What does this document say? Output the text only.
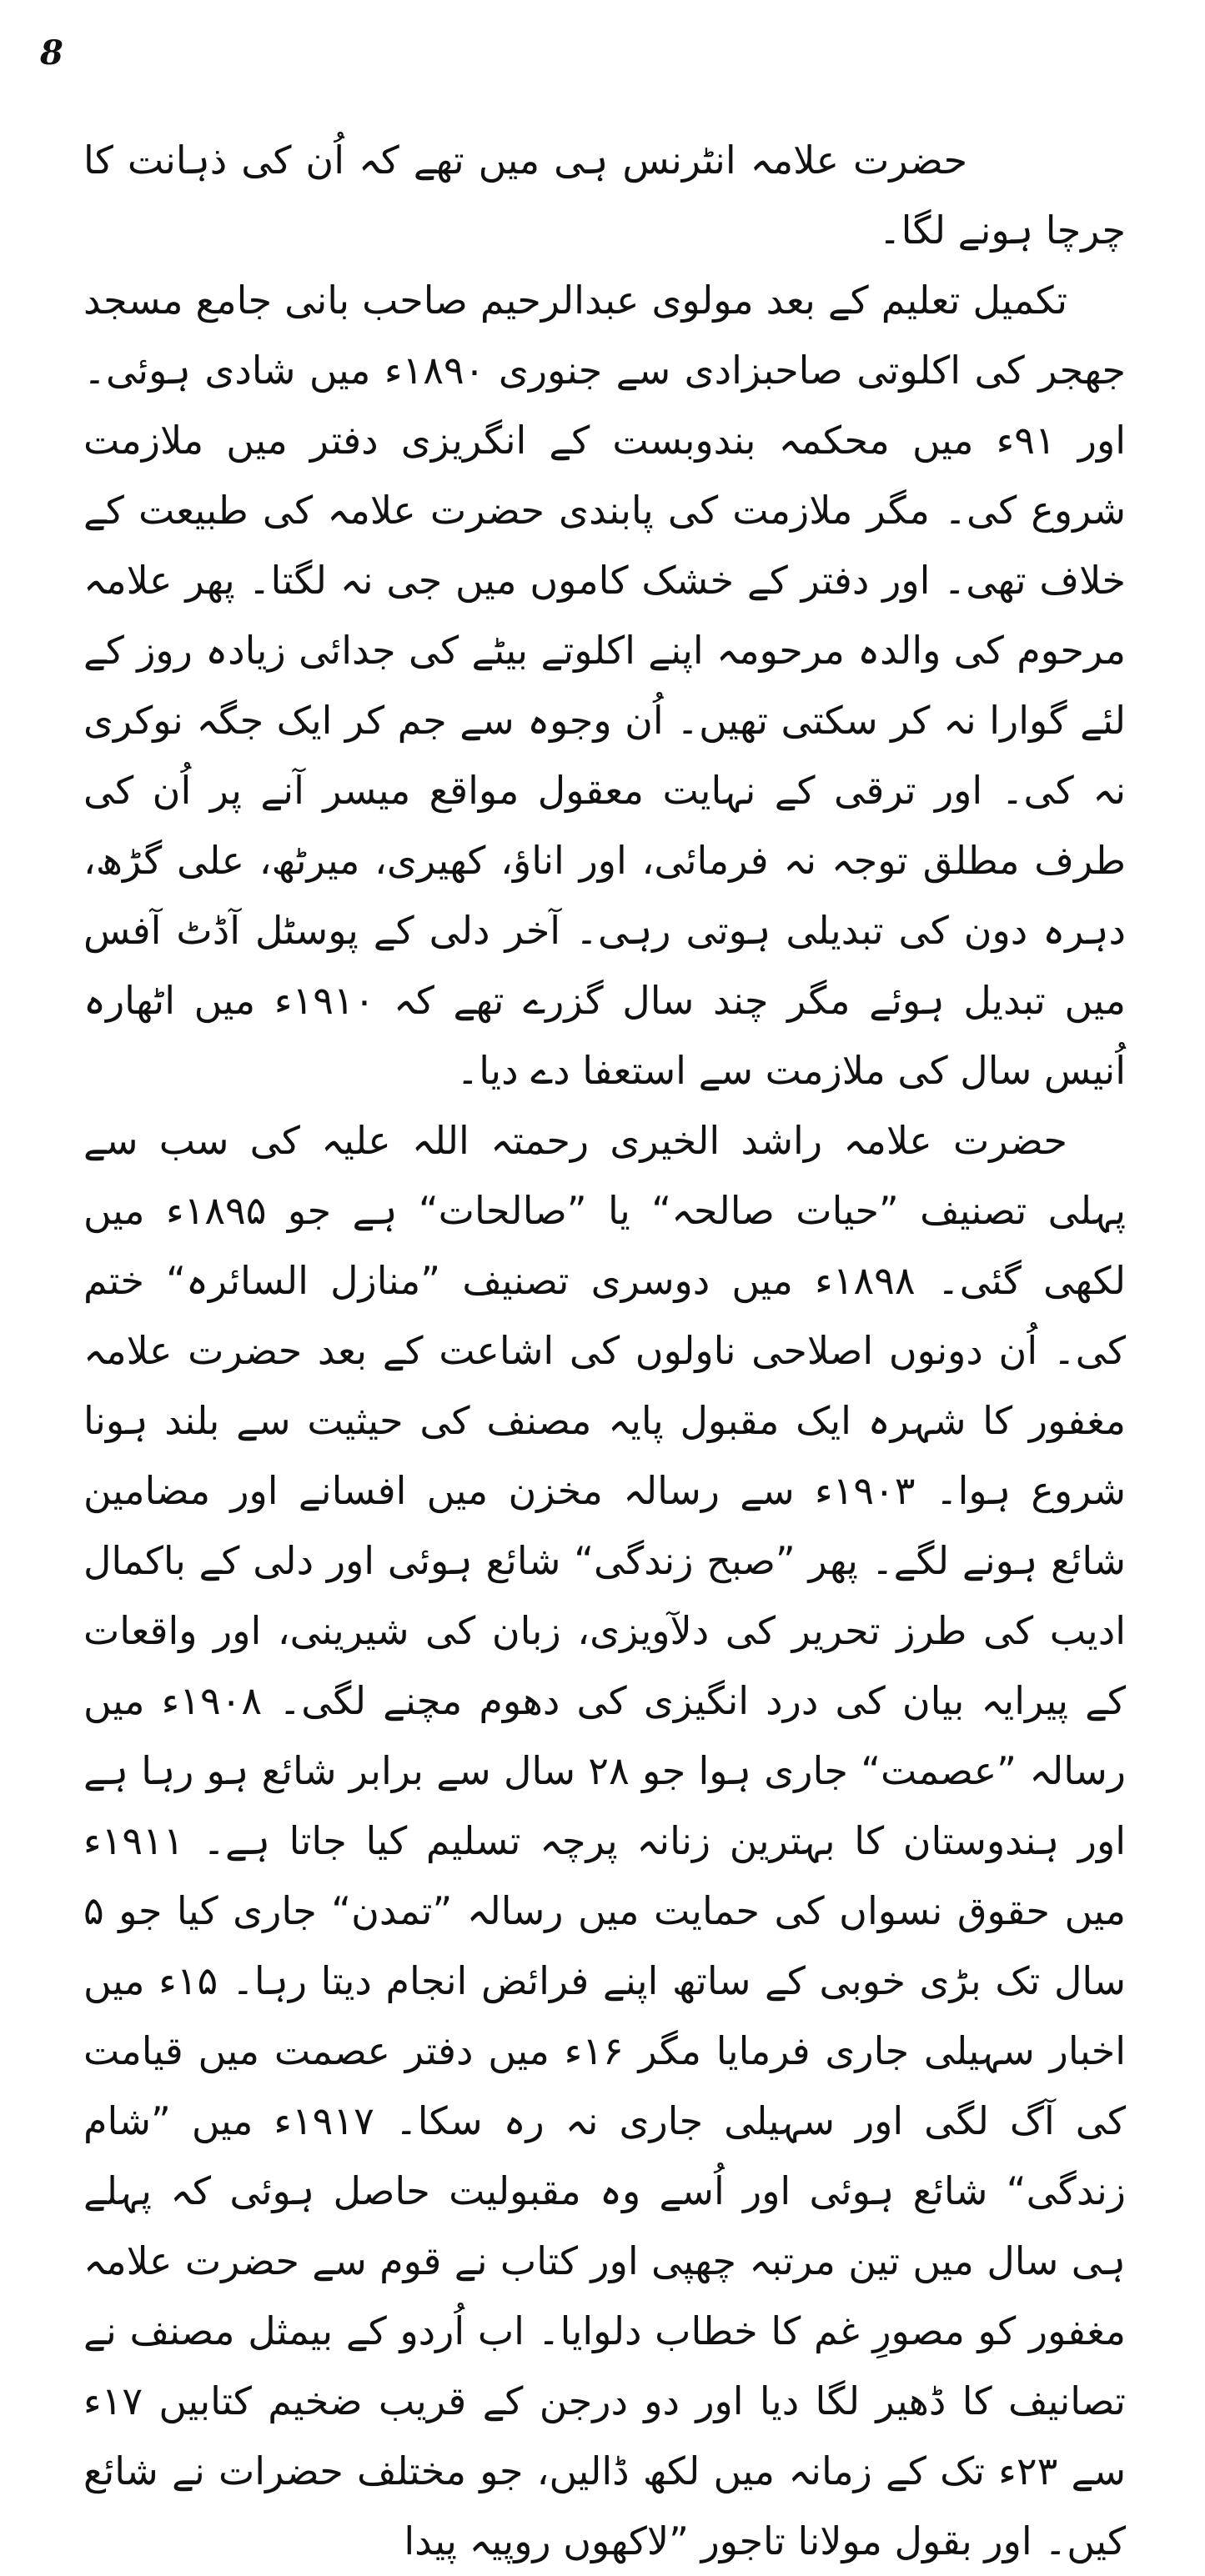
8

حضرت علامہ انٹرنس ہی میں تھے کہ اُن کی ذہانت کا چرچا ہونے لگا۔

تکمیل تعلیم کے بعد مولوی عبدالرحیم صاحب بانی جامع مسجد جھجر کی اکلوتی صاحبزادی سے جنوری ۱۸۹۰ء میں شادی ہوئی۔ اور ۹۱ء میں محکمہ بندوبست کے انگریزی دفتر میں ملازمت شروع کی۔ مگر ملازمت کی پابندی حضرت علامہ کی طبیعت کے خلاف تھی۔ اور دفتر کے خشک کاموں میں جی نہ لگتا۔ پھر علامہ مرحوم کی والدہ مرحومہ اپنے اکلوتے بیٹے کی جدائی زیادہ روز کے لئے گوارا نہ کر سکتی تھیں۔ اُن وجوہ سے جم کر ایک جگہ نوکری نہ کی۔ اور ترقی کے نہایت معقول مواقع میسر آنے پر اُن کی طرف مطلق توجہ نہ فرمائی، اور اناؤ، کھیری، میرٹھ، علی گڑھ، دہرہ دون کی تبدیلی ہوتی رہی۔ آخر دلی کے پوسٹل آڈٹ آفس میں تبدیل ہوئے مگر چند سال گزرے تھے کہ ۱۹۱۰ء میں اٹھارہ اُنیس سال کی ملازمت سے استعفا دے دیا۔

حضرت علامہ راشد الخیری رحمتہ اللہ علیہ کی سب سے پہلی تصنیف ”حیات صالحہ“ یا ”صالحات“ ہے جو ۱۸۹۵ء میں لکھی گئی۔ ۱۸۹۸ء میں دوسری تصنیف ”منازل السائرہ“ ختم کی۔ اُن دونوں اصلاحی ناولوں کی اشاعت کے بعد حضرت علامہ مغفور کا شہرہ ایک مقبول پایہ مصنف کی حیثیت سے بلند ہونا شروع ہوا۔ ۱۹۰۳ء سے رسالہ مخزن میں افسانے اور مضامین شائع ہونے لگے۔ پھر ”صبح زندگی“ شائع ہوئی اور دلی کے باکمال ادیب کی طرز تحریر کی دلآویزی، زبان کی شیرینی، اور واقعات کے پیرایہ بیان کی درد انگیزی کی دھوم مچنے لگی۔ ۱۹۰۸ء میں رسالہ ”عصمت“ جاری ہوا جو ۲۸ سال سے برابر شائع ہو رہا ہے اور ہندوستان کا بہترین زنانہ پرچہ تسلیم کیا جاتا ہے۔ ۱۹۱۱ء میں حقوق نسواں کی حمایت میں رسالہ ”تمدن“ جاری کیا جو ۵ سال تک بڑی خوبی کے ساتھ اپنے فرائض انجام دیتا رہا۔ ۱۵ء میں اخبار سہیلی جاری فرمایا مگر ۱۶ء میں دفتر عصمت میں قیامت کی آگ لگی اور سہیلی جاری نہ رہ سکا۔ ۱۹۱۷ء میں ”شام زندگی“ شائع ہوئی اور اُسے وہ مقبولیت حاصل ہوئی کہ پہلے ہی سال میں تین مرتبہ چھپی اور کتاب نے قوم سے حضرت علامہ مغفور کو مصورِ غم کا خطاب دلوایا۔ اب اُردو کے بیمثل مصنف نے تصانیف کا ڈھیر لگا دیا اور دو درجن کے قریب ضخیم کتابیں ۱۷ء سے ۲۳ء تک کے زمانہ میں لکھ ڈالیں، جو مختلف حضرات نے شائع کیں۔ اور بقول مولانا تاجور ”لاکھوں روپیہ پیدا
